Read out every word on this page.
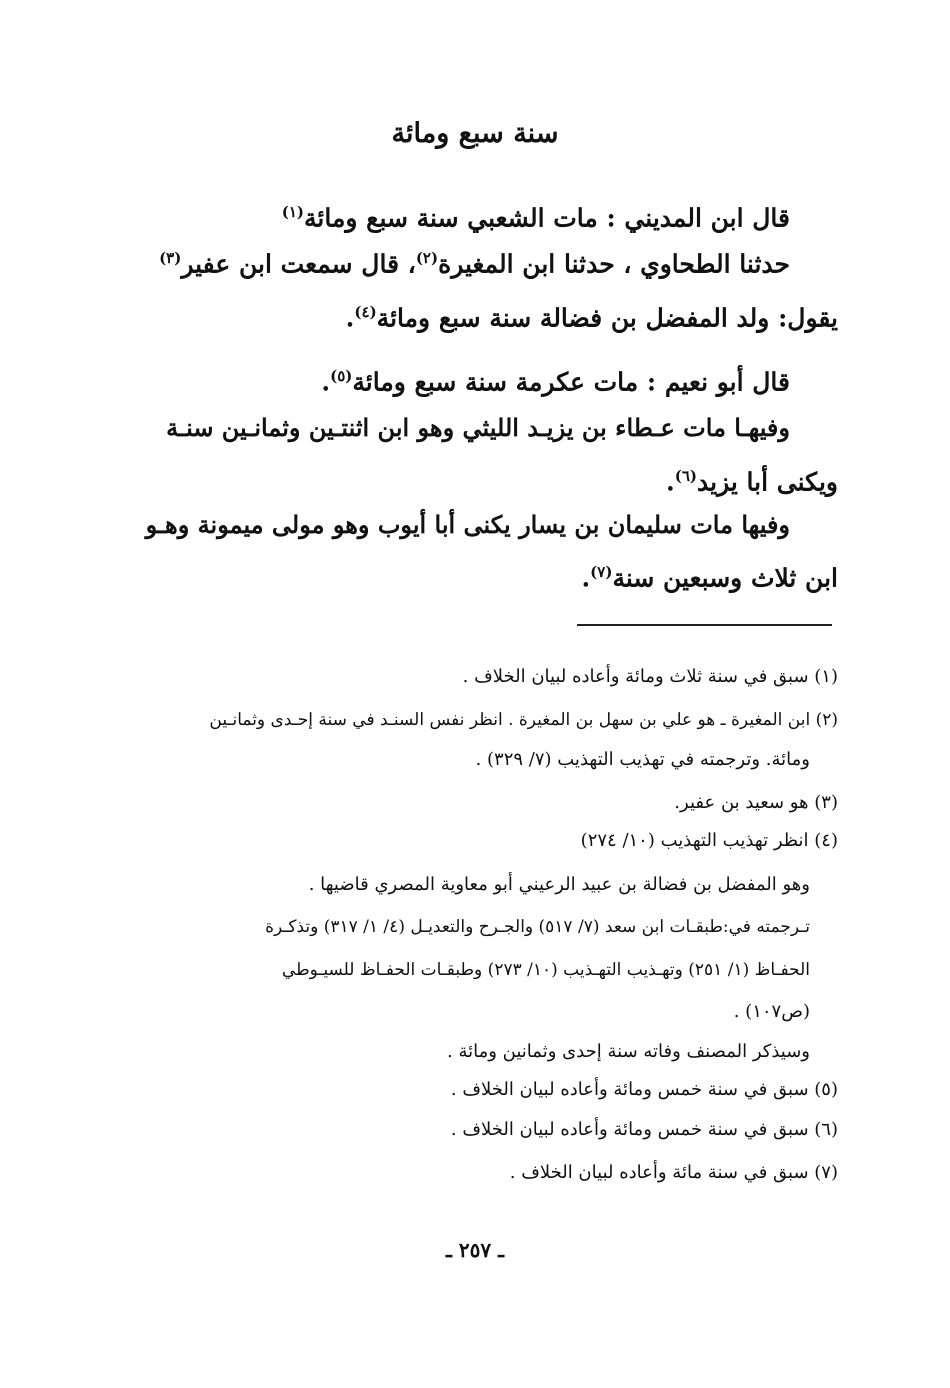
سنة سبع ومائة
قال ابن المديني : مات الشعبي سنة سبع ومائة$^{(١)}$
حدثنا الطحاوي ، حدثنا ابن المغيرة$^{(٢)}$، قال سمعت ابن عفير$^{(٣)}$
يقول: ولد المفضل بن فضالة سنة سبع ومائة$^{(٤)}$.
قال أبو نعيم : مات عكرمة سنة سبع ومائة$^{(٥)}$.
وفيهـا مات عـطاء بن يزيـد الليثي وهو ابن اثنتـين وثمانـين سنـة
ويكنى أبا يزيد$^{(٦)}$.
وفيها مات سليمان بن يسار يكنى أبا أيوب وهو مولى ميمونة وهـو
ابن ثلاث وسبعين سنة$^{(٧)}$.
(١) سبق في سنة ثلاث ومائة وأعاده لبيان الخلاف .
(٢) ابن المغيرة ـ هو علي بن سهل بن المغيرة . انظر نفس السنـد في سنة إحـدى وثمانـين
ومائة. وترجمته في تهذيب التهذيب (٧/ ٣٢٩) .
(٣) هو سعيد بن عفير.
(٤) انظر تهذيب التهذيب (١٠/ ٢٧٤)
وهو المفضل بن فضالة بن عبيد الرعيني أبو معاوية المصري قاضيها .
تـرجمته في:طبقـات ابن سعد (٧/ ٥١٧) والجـرح والتعديـل (٤/ ١/ ٣١٧) وتذكـرة
الحفـاظ (١/ ٢٥١) وتهـذيب التهـذيب (١٠/ ٢٧٣) وطبقـات الحفـاظ للسيـوطي
(ص١٠٧) .
وسيذكر المصنف وفاته سنة إحدى وثمانين ومائة .
(٥) سبق في سنة خمس ومائة وأعاده لبيان الخلاف .
(٦) سبق في سنة خمس ومائة وأعاده لبيان الخلاف .
(٧) سبق في سنة مائة وأعاده لبيان الخلاف .
ـ ٢٥٧ ـ
